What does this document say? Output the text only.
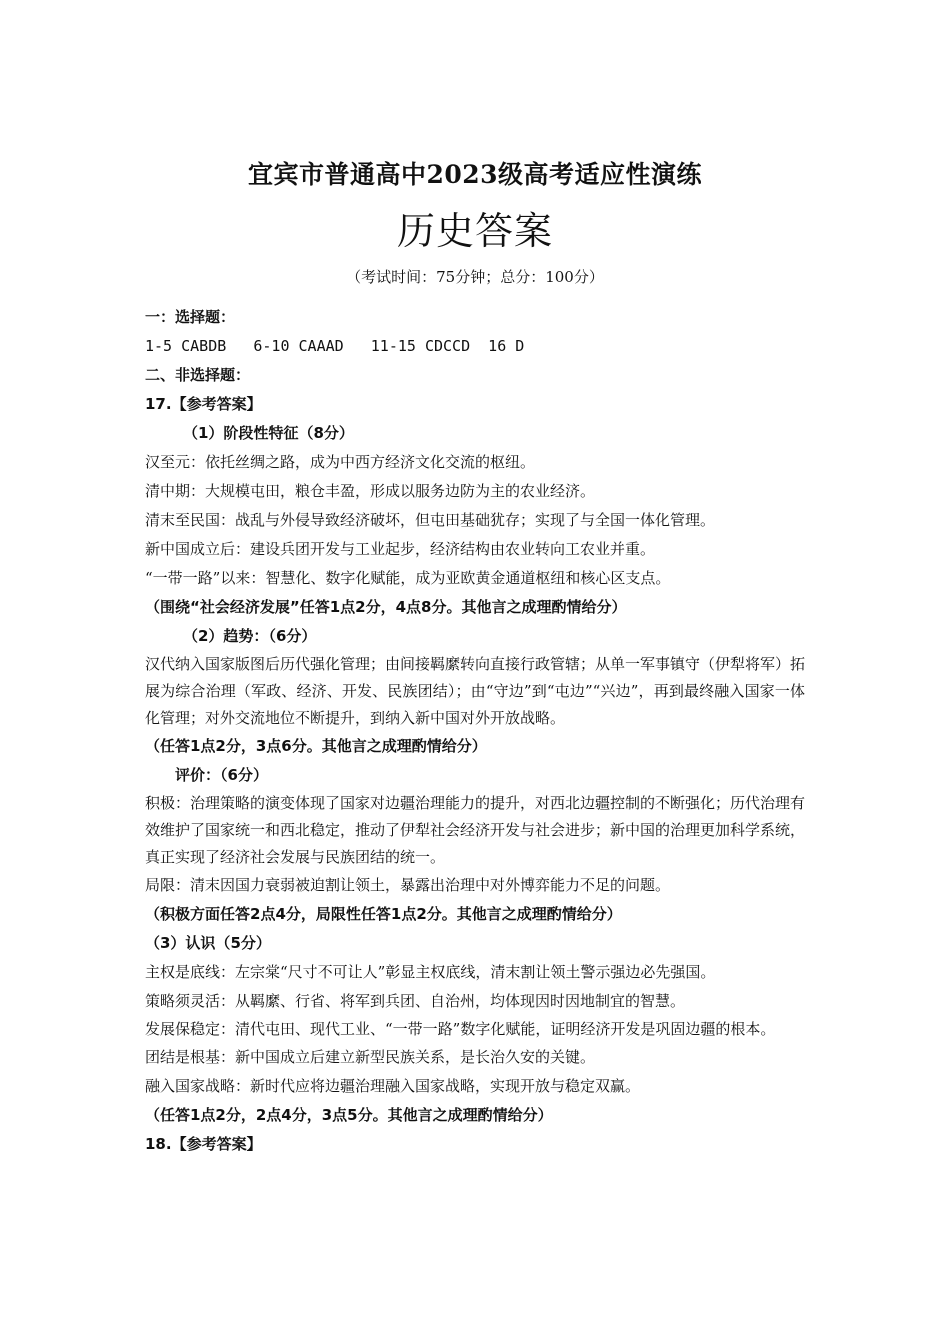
宜宾市普通高中2023级高考适应性演练
历史答案
（考试时间：75分钟；总分：100分）
一：选择题：
1-5 CABDB   6-10 CAAAD   11-15 CDCCD  16 D
二、非选择题：
17.【参考答案】
（1）阶段性特征（8分）
汉至元：依托丝绸之路，成为中西方经济文化交流的枢纽。
清中期：大规模屯田，粮仓丰盈，形成以服务边防为主的农业经济。
清末至民国：战乱与外侵导致经济破坏，但屯田基础犹存；实现了与全国一体化管理。
新中国成立后：建设兵团开发与工业起步，经济结构由农业转向工农业并重。
“一带一路”以来：智慧化、数字化赋能，成为亚欧黄金通道枢纽和核心区支点。
（围绕“社会经济发展”任答1点2分，4点8分。其他言之成理酌情给分）
（2）趋势：（6分）

汉代纳入国家版图后历代强化管理；由间接羁縻转向直接行政管辖；从单一军事镇守（伊犁将军）拓展为综合治理（军政、经济、开发、民族团结）；由“守边”到“屯边”“兴边”，再到最终融入国家一体化管理；对外交流地位不断提升，到纳入新中国对外开放战略。

（任答1点2分，3点6分。其他言之成理酌情给分）
评价：（6分）

积极：治理策略的演变体现了国家对边疆治理能力的提升，对西北边疆控制的不断强化；历代治理有效维护了国家统一和西北稳定，推动了伊犁社会经济开发与社会进步；新中国的治理更加科学系统，真正实现了经济社会发展与民族团结的统一。

局限：清末因国力衰弱被迫割让领土，暴露出治理中对外博弈能力不足的问题。
（积极方面任答2点4分，局限性任答1点2分。其他言之成理酌情给分）
（3）认识（5分）
主权是底线：左宗棠“尺寸不可让人”彰显主权底线，清末割让领土警示强边必先强国。
策略须灵活：从羁縻、行省、将军到兵团、自治州，均体现因时因地制宜的智慧。

发展保稳定：清代屯田、现代工业、“一带一路”数字化赋能，证明经济开发是巩固边疆的根本。

团结是根基：新中国成立后建立新型民族关系，是长治久安的关键。
融入国家战略：新时代应将边疆治理融入国家战略，实现开放与稳定双赢。
（任答1点2分，2点4分，3点5分。其他言之成理酌情给分）
18.【参考答案】
